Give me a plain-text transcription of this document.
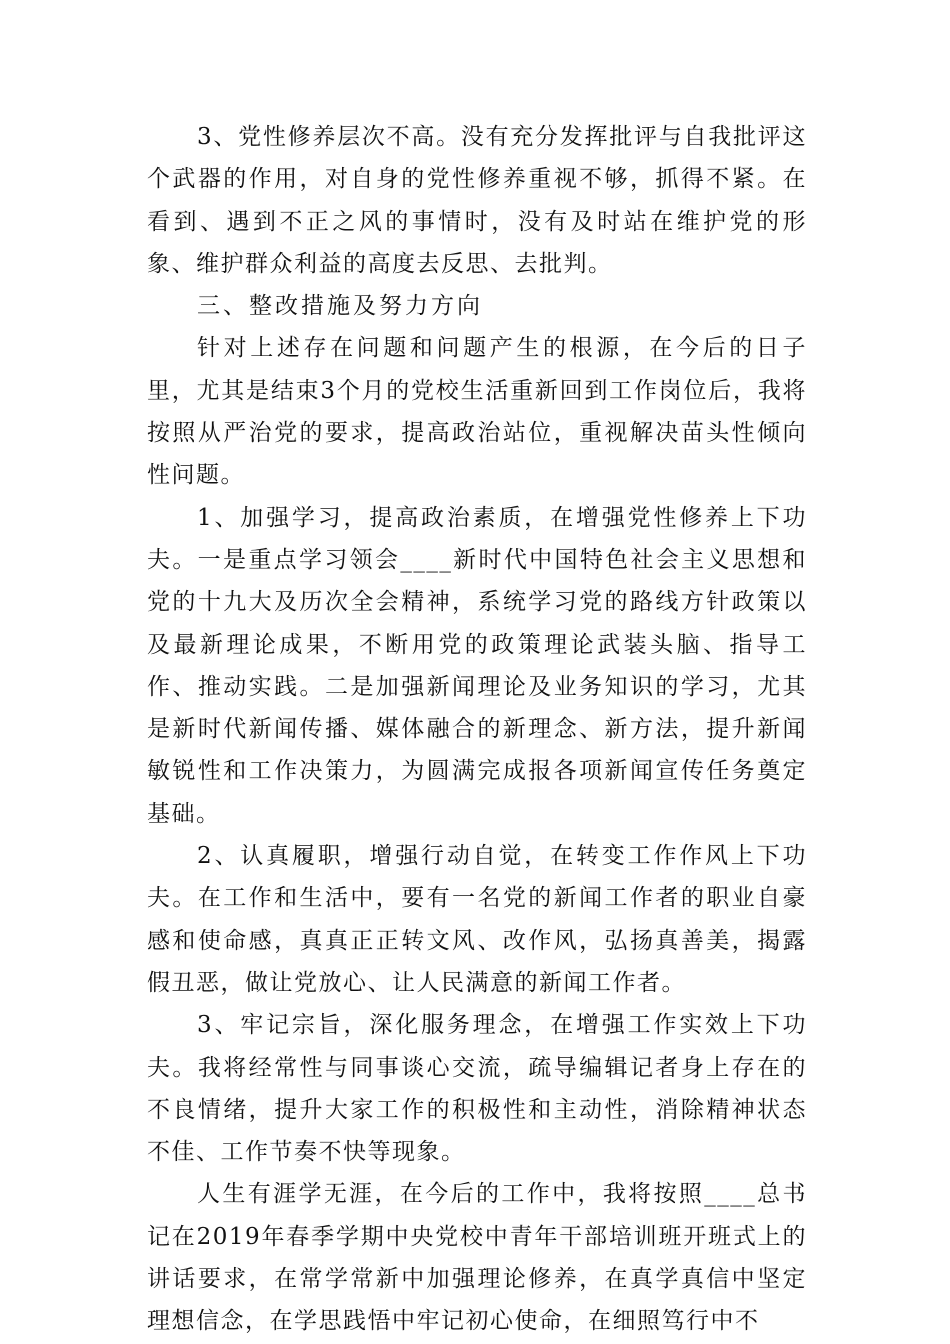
3、党性修养层次不高。没有充分发挥批评与自我批评这个武器的作用，对自身的党性修养重视不够，抓得不紧。在看到、遇到不正之风的事情时，没有及时站在维护党的形象、维护群众利益的高度去反思、去批判。

三、整改措施及努力方向

针对上述存在问题和问题产生的根源，在今后的日子里，尤其是结束3个月的党校生活重新回到工作岗位后，我将按照从严治党的要求，提高政治站位，重视解决苗头性倾向性问题。

1、加强学习，提高政治素质，在增强党性修养上下功夫。一是重点学习领会____新时代中国特色社会主义思想和党的十九大及历次全会精神，系统学习党的路线方针政策以及最新理论成果，不断用党的政策理论武装头脑、指导工作、推动实践。二是加强新闻理论及业务知识的学习，尤其是新时代新闻传播、媒体融合的新理念、新方法，提升新闻敏锐性和工作决策力，为圆满完成报各项新闻宣传任务奠定基础。

2、认真履职，增强行动自觉，在转变工作作风上下功夫。在工作和生活中，要有一名党的新闻工作者的职业自豪感和使命感，真真正正转文风、改作风，弘扬真善美，揭露假丑恶，做让党放心、让人民满意的新闻工作者。

3、牢记宗旨，深化服务理念，在增强工作实效上下功夫。我将经常性与同事谈心交流，疏导编辑记者身上存在的不良情绪，提升大家工作的积极性和主动性，消除精神状态不佳、工作节奏不快等现象。

人生有涯学无涯，在今后的工作中，我将按照____总书记在2019年春季学期中央党校中青年干部培训班开班式上的讲话要求，在常学常新中加强理论修养，在真学真信中坚定理想信念，在学思践悟中牢记初心使命，在细照笃行中不
